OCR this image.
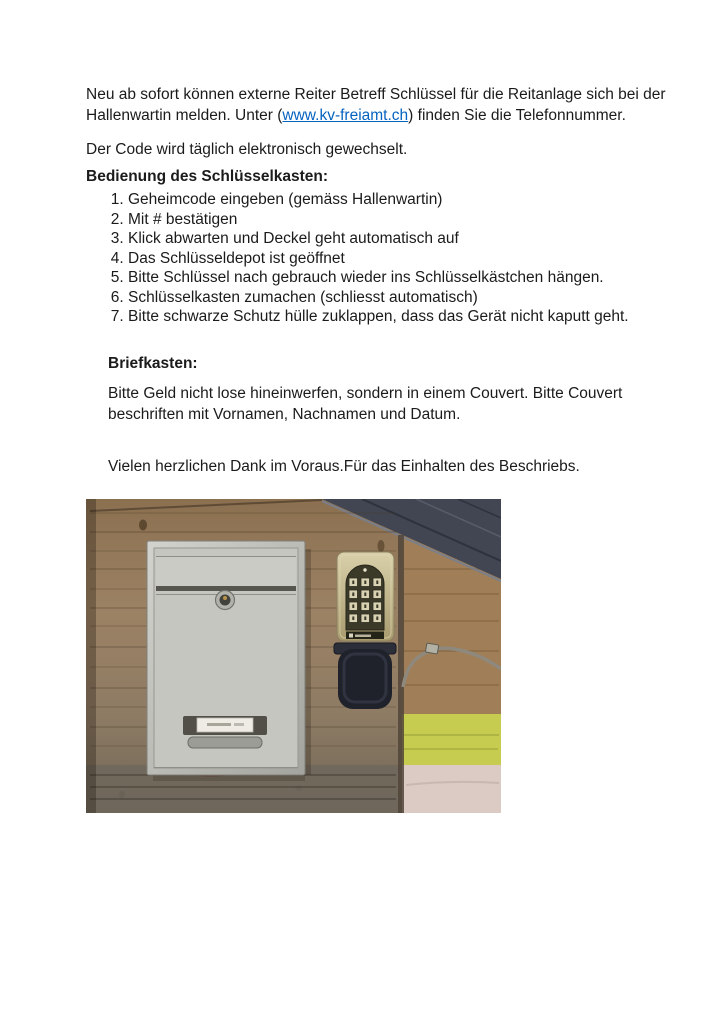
Neu ab sofort können externe Reiter Betreff Schlüssel für die Reitanlage sich bei der
Hallenwartin melden. Unter (www.kv-freiamt.ch) finden Sie die Telefonnummer.

Der Code wird täglich elektronisch gewechselt.

Bedienung des Schlüsselkasten:

1. Geheimcode eingeben (gemäss Hallenwartin)
2. Mit # bestätigen
3. Klick abwarten und Deckel geht automatisch auf
4. Das Schlüsseldepot ist geöffnet
5. Bitte Schlüssel nach gebrauch wieder ins Schlüsselkästchen hängen.
6. Schlüsselkasten zumachen (schliesst automatisch)
7. Bitte schwarze Schutz hülle zuklappen, dass das Gerät nicht kaputt geht.

Briefkasten:

Bitte Geld nicht lose hineinwerfen, sondern in einem Couvert. Bitte Couvert
beschriften mit Vornamen, Nachnamen und Datum.

Vielen herzlichen Dank im Voraus.Für das Einhalten des Beschriebs.
